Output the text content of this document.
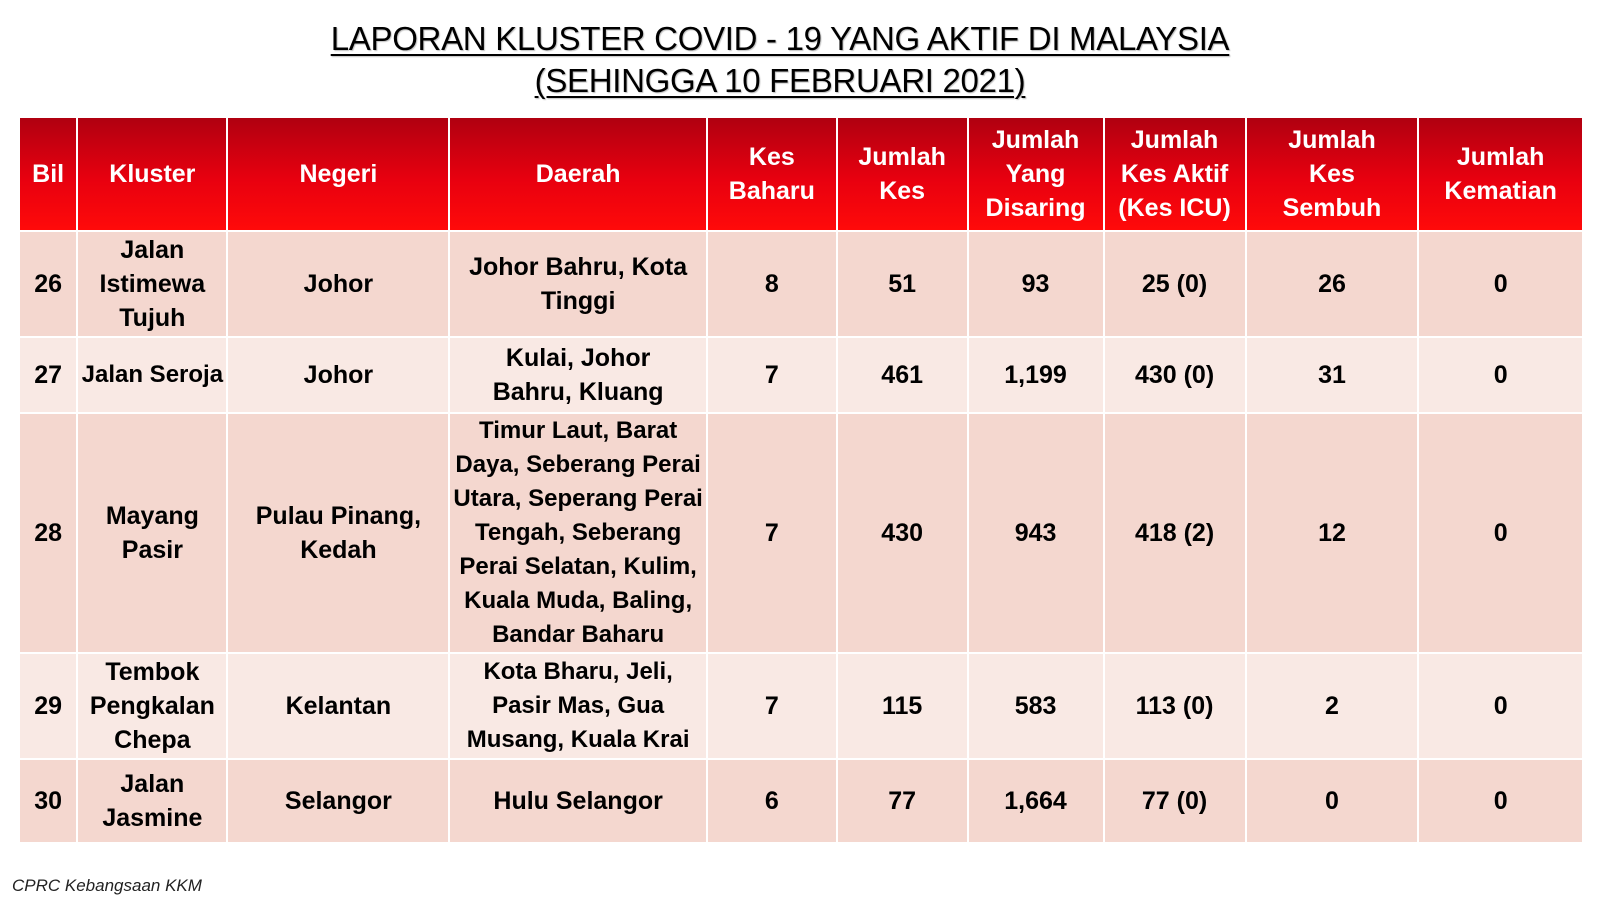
LAPORAN KLUSTER COVID - 19 YANG AKTIF DI MALAYSIA
(SEHINGGA 10 FEBRUARI 2021)
Bil	Kluster	Negeri	Daerah	Kes Baharu	Jumlah Kes	Jumlah Yang Disaring	Jumlah Kes Aktif (Kes ICU)	Jumlah Kes Sembuh	Jumlah Kematian
26	Jalan Istimewa Tujuh	Johor	Johor Bahru, Kota Tinggi	8	51	93	25 (0)	26	0
27	Jalan Seroja	Johor	Kulai, Johor Bahru, Kluang	7	461	1,199	430 (0)	31	0
28	Mayang Pasir	Pulau Pinang, Kedah	Timur Laut, Barat Daya, Seberang Perai Utara, Seperang Perai Tengah, Seberang Perai Selatan, Kulim, Kuala Muda, Baling, Bandar Baharu	7	430	943	418 (2)	12	0
29	Tembok Pengkalan Chepa	Kelantan	Kota Bharu, Jeli, Pasir Mas, Gua Musang, Kuala Krai	7	115	583	113 (0)	2	0
30	Jalan Jasmine	Selangor	Hulu Selangor	6	77	1,664	77 (0)	0	0
CPRC Kebangsaan KKM
